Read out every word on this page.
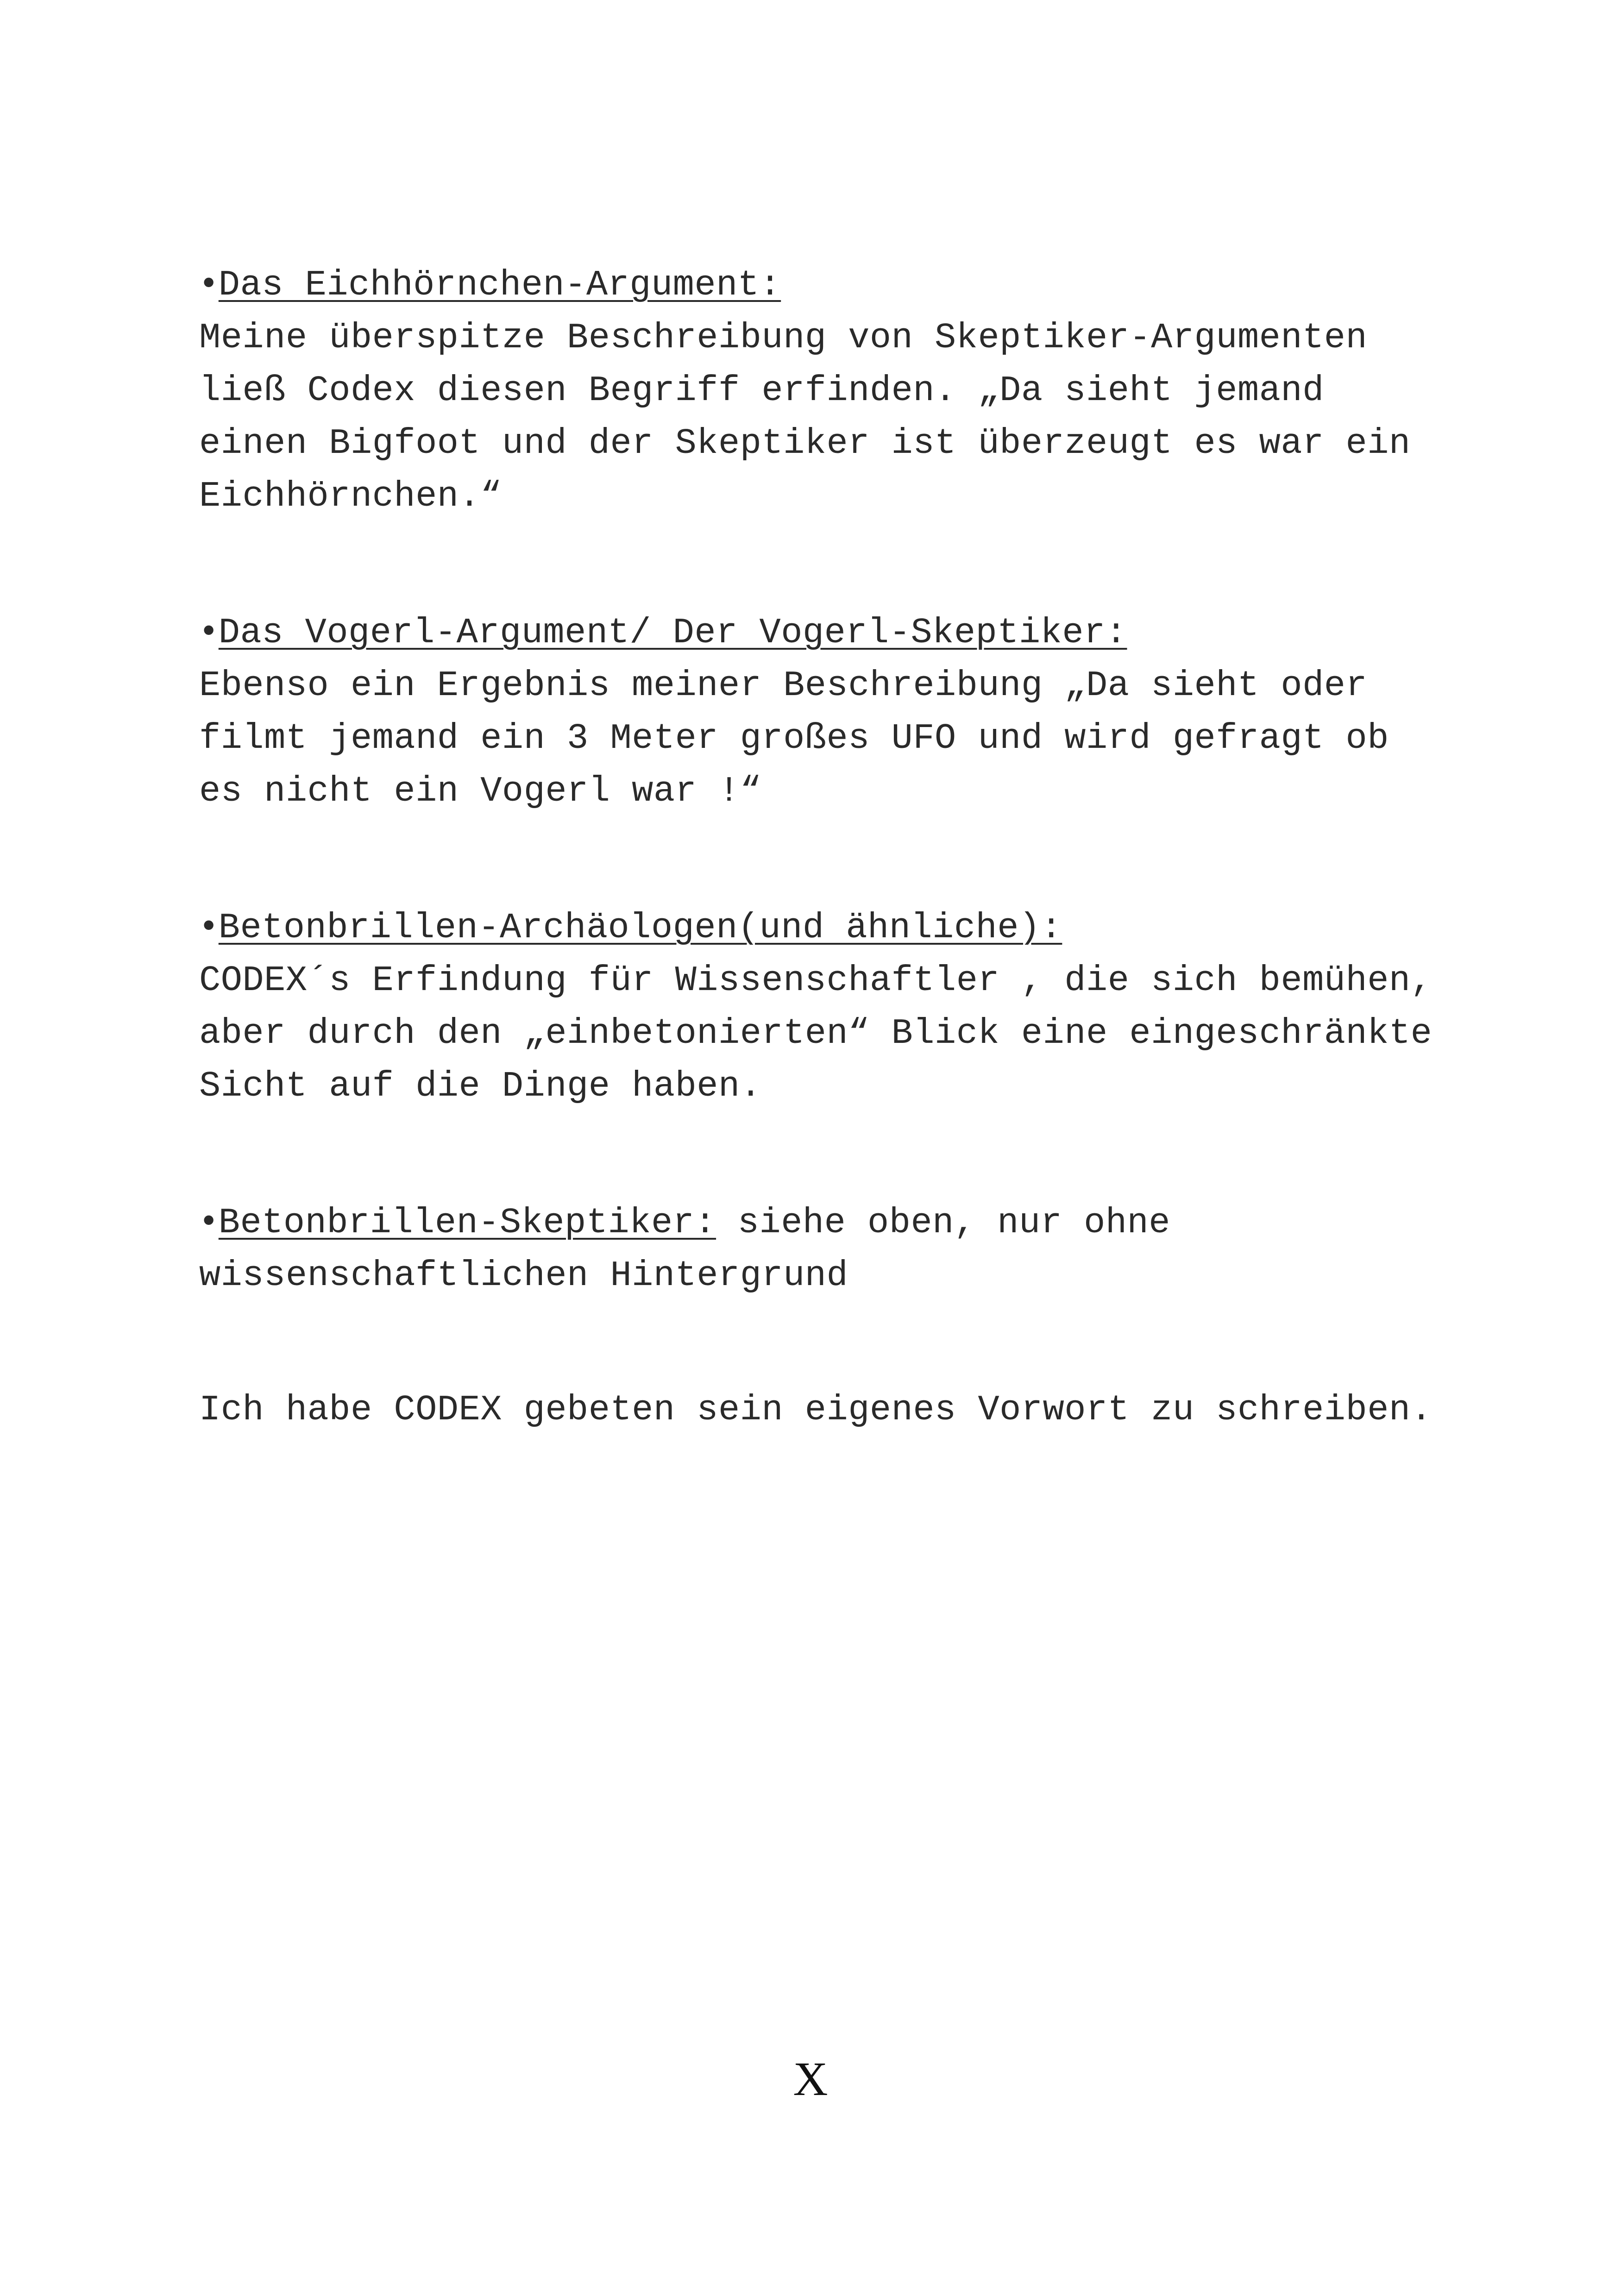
•Das Eichhörnchen-Argument:
Meine überspitze Beschreibung von Skeptiker-Argumenten ließ Codex diesen Begriff erfinden. „Da sieht jemand einen Bigfoot und der Skeptiker ist überzeugt es war ein Eichhörnchen.“
•Das Vogerl-Argument/ Der Vogerl-Skeptiker:
Ebenso ein Ergebnis meiner Beschreibung „Da sieht oder filmt jemand ein 3 Meter großes UFO und wird gefragt ob es nicht ein Vogerl war !“
•Betonbrillen-Archäologen(und ähnliche):
CODEX´s Erfindung für Wissenschaftler , die sich bemühen, aber durch den „einbetonierten“ Blick eine eingeschränkte Sicht auf die Dinge haben.
•Betonbrillen-Skeptiker: siehe oben, nur ohne wissenschaftlichen Hintergrund
Ich habe CODEX gebeten sein eigenes Vorwort zu schreiben.
X
